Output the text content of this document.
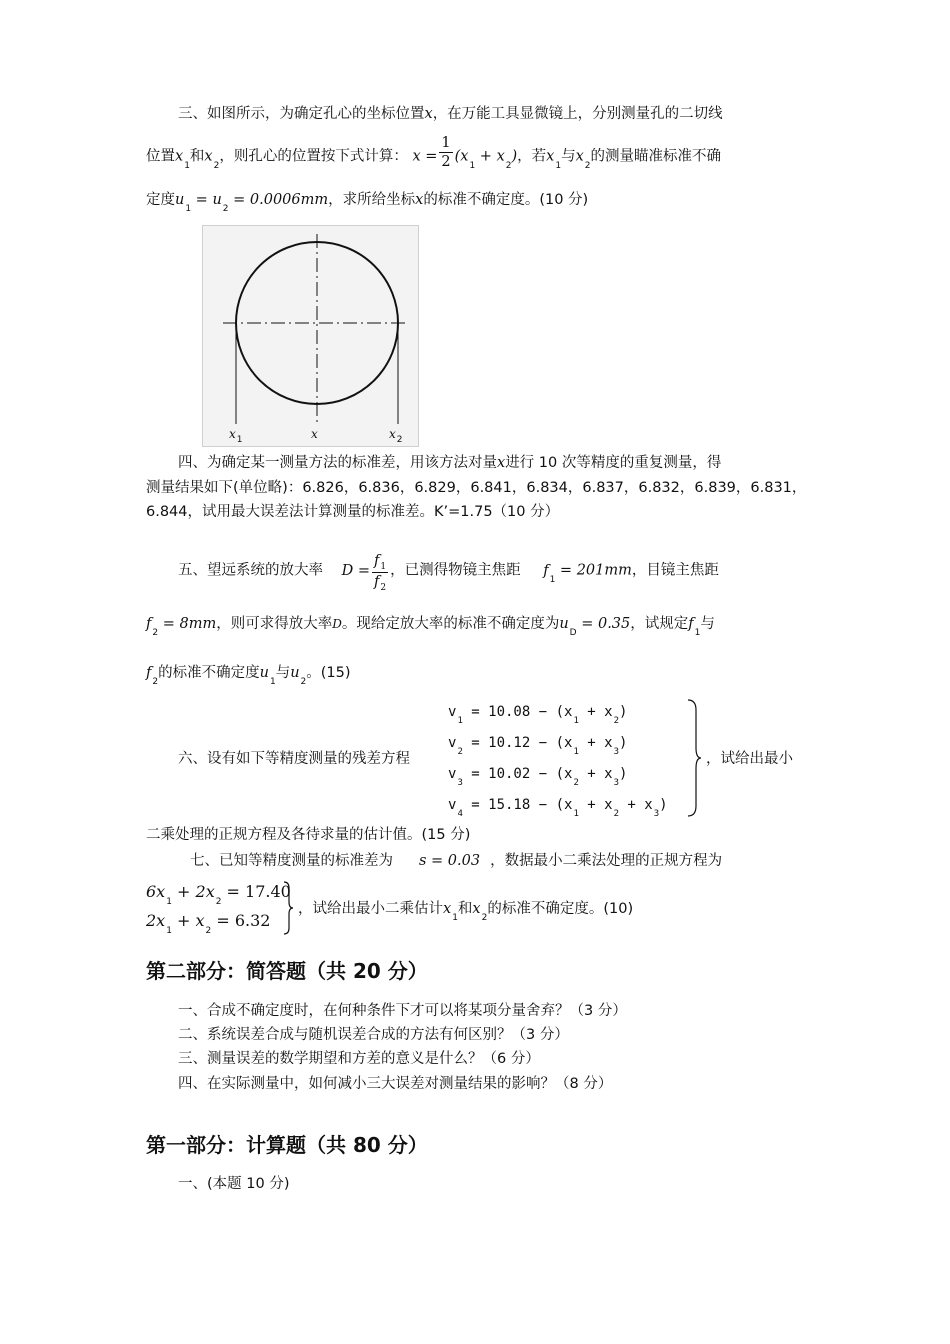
三、如图所示，为确定孔心的坐标位置x，在万能工具显微镜上，分别测量孔的二切线
位置$x_1$和$x_2$，则孔心的位置按下式计算： $x = \frac{1}{2} (x_1 + x_2)$，若$x_1$与$x_2$的测量瞄准标准不确
定度$u_1 = u_2 = 0.0006mm$，求所给坐标x的标准不确定度。(10 分)
$x_1$	x	$x_2$
四、为确定某一测量方法的标准差，用该方法对量x进行 10 次等精度的重复测量，得
测量结果如下(单位略)：6.826，6.836，6.829，6.841，6.834，6.837，6.832，6.839，6.831，
6.844，试用最大误差法计算测量的标准差。K’=1.75（10 分）
五、望远系统的放大率 $D = \frac{f_1}{f_2}$ ，已测得物镜主焦距 $f_1 = 201mm$，目镜主焦距
$f_2 = 8mm$，则可求得放大率D。现给定放大率的标准不确定度为$u_D = 0.35$，试规定$f_1$与
$f_2$的标准不确定度$u_1$与$u_2$。(15)
六、设有如下等精度测量的残差方程
$v_1 = 10.08 - (x_1 + x_2)$
$v_2 = 10.12 - (x_1 + x_3)$
$v_3 = 10.02 - (x_2 + x_3)$
$v_4 = 15.18 - (x_1 + x_2 + x_3)$
，试给出最小
二乘处理的正规方程及各待求量的估计值。(15 分)
七、已知等精度测量的标准差为 s = 0.03 ，数据最小二乘法处理的正规方程为
$6x_1 + 2x_2 = 17.40$
$2x_1 + x_2 = 6.32$
，试给出最小二乘估计$x_1$和$x_2$的标准不确定度。(10)
第二部分：简答题（共 20 分）
一、合成不确定度时，在何种条件下才可以将某项分量舍弃？（3 分）
二、系统误差合成与随机误差合成的方法有何区别？（3 分）
三、测量误差的数学期望和方差的意义是什么？（6 分）
四、在实际测量中，如何减小三大误差对测量结果的影响？（8 分）
第一部分：计算题（共 80 分）
一、(本题 10 分)
